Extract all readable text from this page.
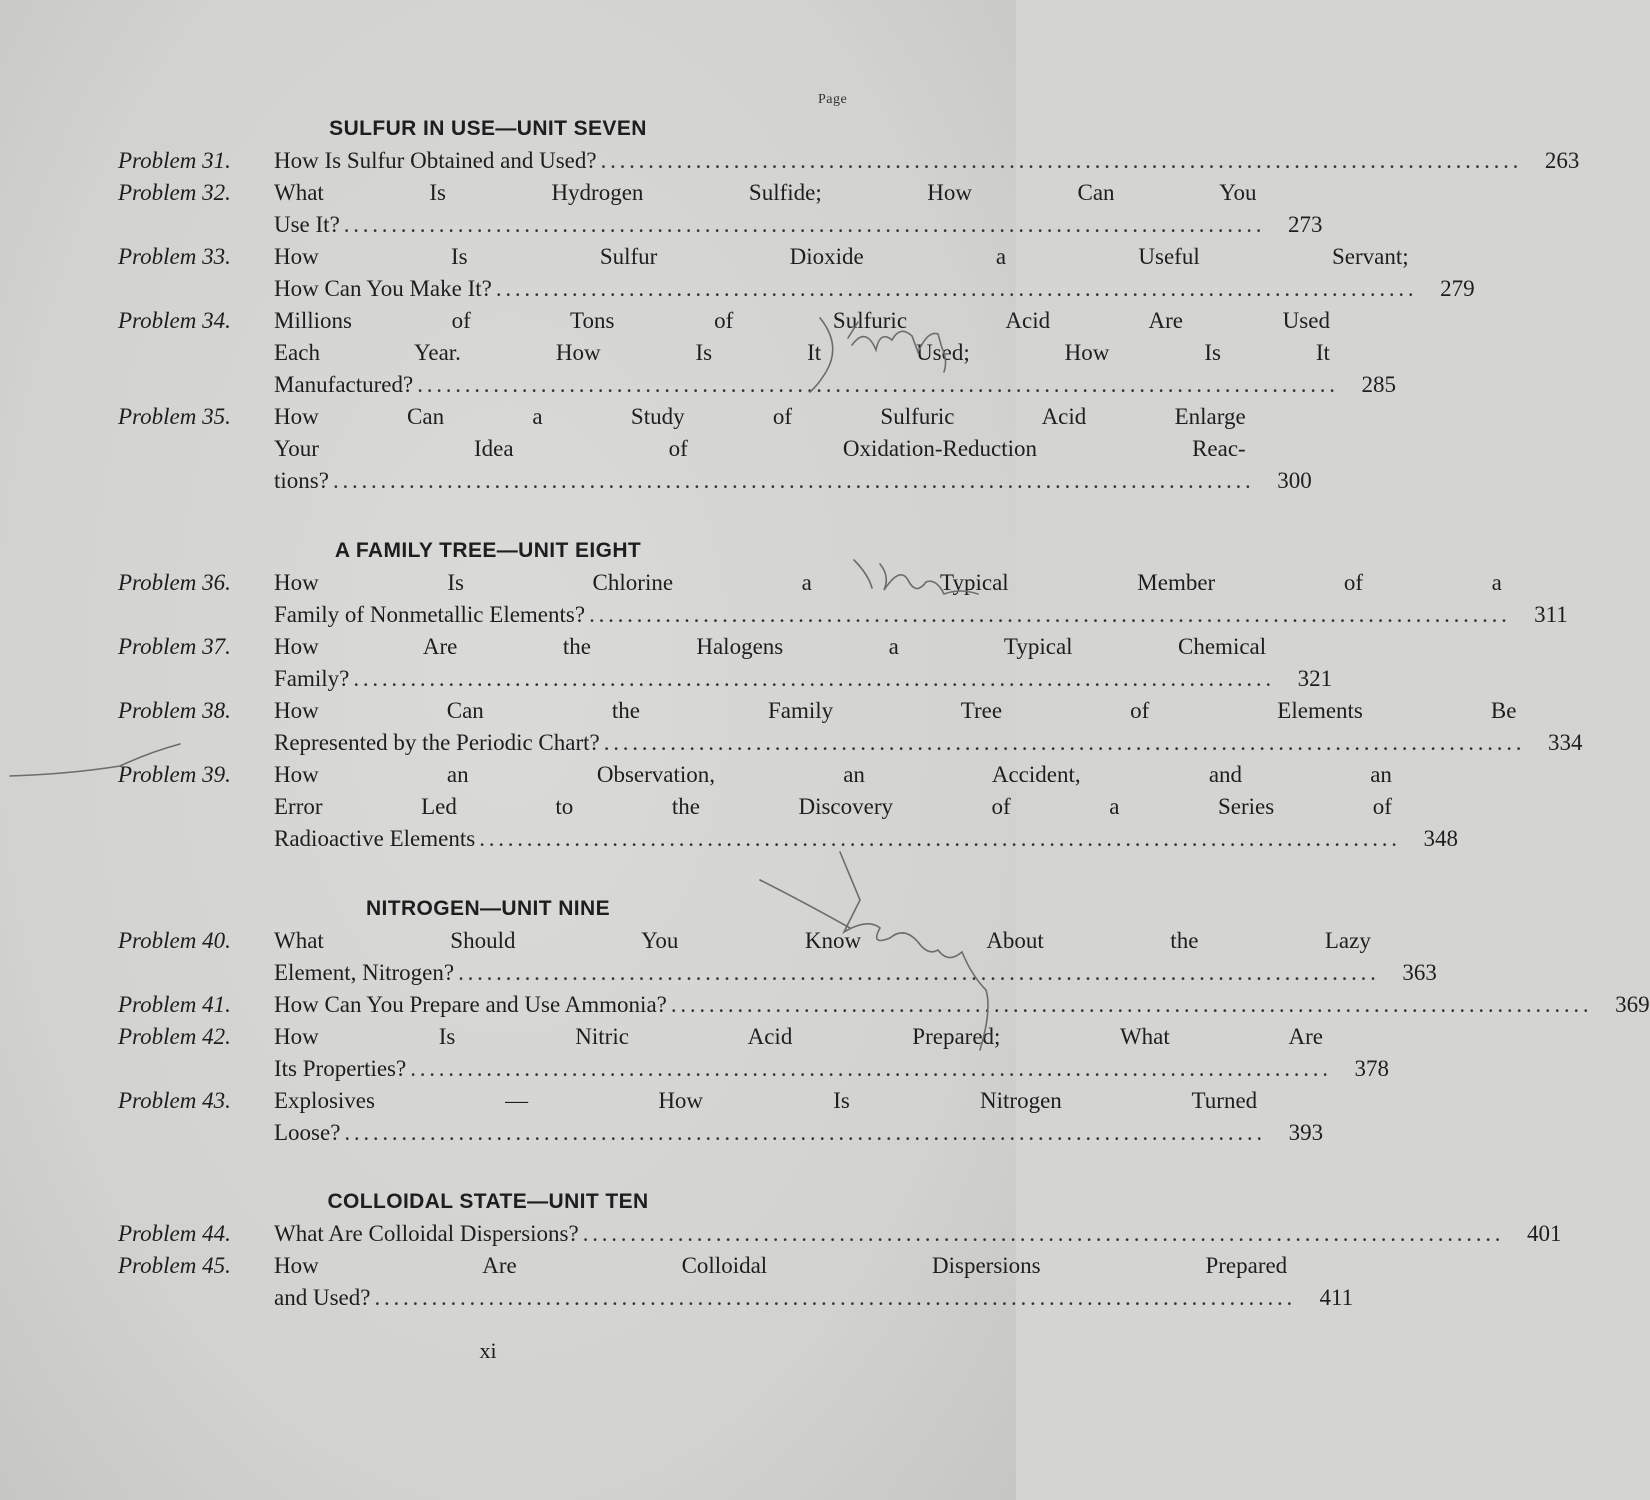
Page
SULFUR IN USE—UNIT SEVEN
Problem 31.	How Is Sulfur Obtained and Used? . . .	263
Problem 32.	What Is Hydrogen Sulfide; How Can You
Use It? . . .	273
Problem 33.	How Is Sulfur Dioxide a Useful Servant;
How Can You Make It? . . .	279
Problem 34.	Millions of Tons of Sulfuric Acid Are Used
Each Year. How Is It Used; How Is It
Manufactured? . . .	285
Problem 35.	How Can a Study of Sulfuric Acid Enlarge
Your Idea of Oxidation-Reduction Reac-
tions? . . .	300
A FAMILY TREE—UNIT EIGHT
Problem 36.	How Is Chlorine a Typical Member of a
Family of Nonmetallic Elements? . . .	311
Problem 37.	How Are the Halogens a Typical Chemical
Family? . . .	321
Problem 38.	How Can the Family Tree of Elements Be
Represented by the Periodic Chart? . . .	334
Problem 39.	How an Observation, an Accident, and an
Error Led to the Discovery of a Series of
Radioactive Elements . . .	348
NITROGEN—UNIT NINE
Problem 40.	What Should You Know About the Lazy
Element, Nitrogen? . . .	363
Problem 41.	How Can You Prepare and Use Ammonia? . . .	369
Problem 42.	How Is Nitric Acid Prepared; What Are
Its Properties? . . .	378
Problem 43.	Explosives — How Is Nitrogen Turned
Loose? . . .	393
COLLOIDAL STATE—UNIT TEN
Problem 44.	What Are Colloidal Dispersions? . . .	401
Problem 45.	How Are Colloidal Dispersions Prepared
and Used? . . .	411
xi
